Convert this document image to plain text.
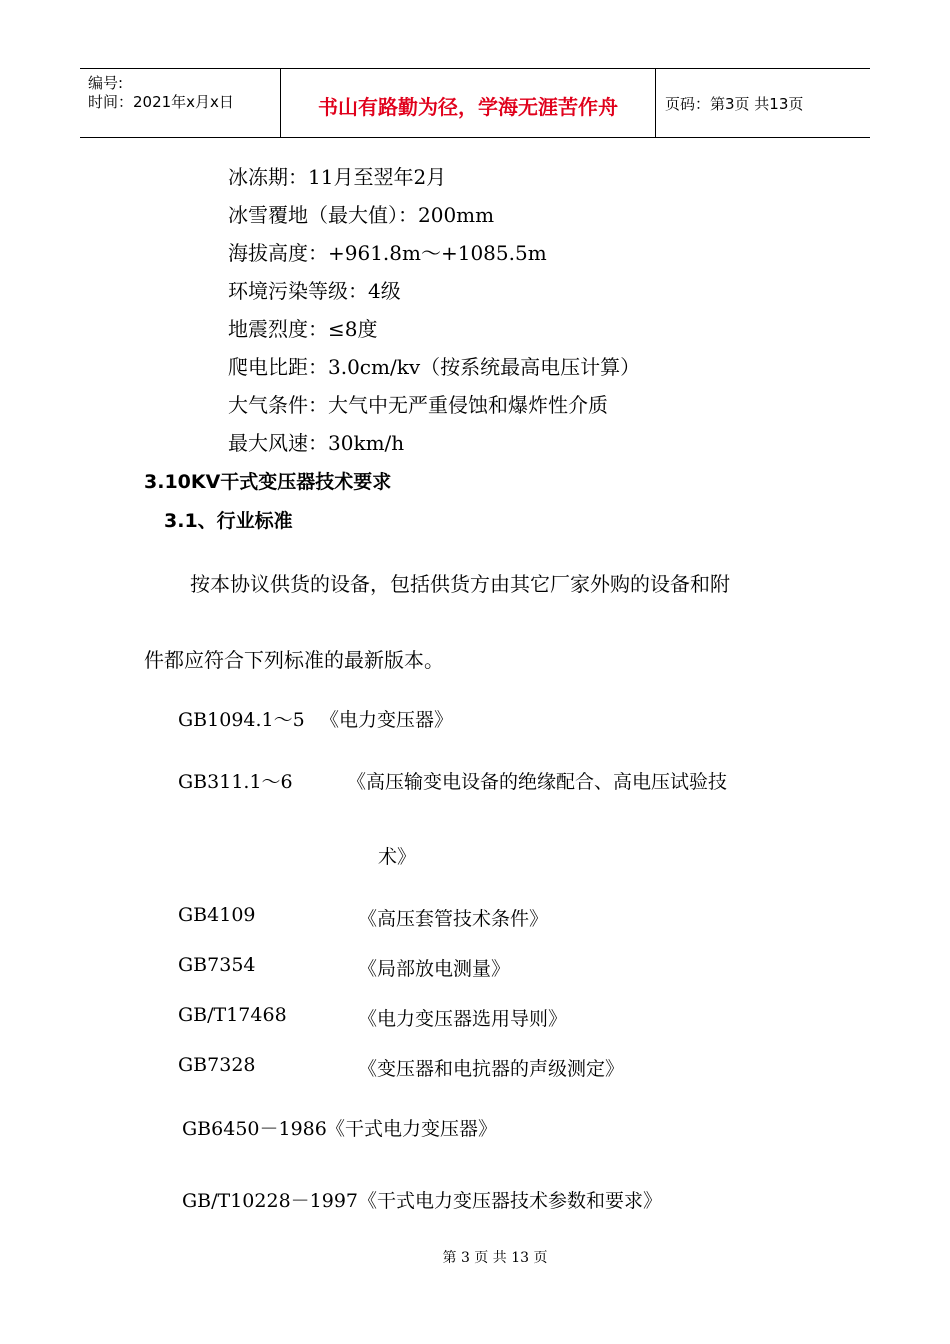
编号:
时间：2021年x月x日	书山有路勤为径，学海无涯苦作舟	页码：第3页 共13页
冰冻期：11月至翌年2月
冰雪覆地（最大值）：200mm
海拔高度：+961.8m～+1085.5m
环境污染等级：4级
地震烈度：≤8度
爬电比距：3.0cm/kv（按系统最高电压计算）
大气条件：大气中无严重侵蚀和爆炸性介质
最大风速：30km/h
3.10KV干式变压器技术要求
3.1、行业标准
按本协议供货的设备，包括供货方由其它厂家外购的设备和附
件都应符合下列标准的最新版本。
GB1094.1～5 《电力变压器》
GB311.1～6	《高压输变电设备的绝缘配合、高电压试验技
术》
GB4109	《高压套管技术条件》
GB7354	《局部放电测量》
GB/T17468	《电力变压器选用导则》
GB7328	《变压器和电抗器的声级测定》
GB6450－1986 《干式电力变压器》
GB/T10228－1997 《干式电力变压器技术参数和要求》
第 3 页 共 13 页
